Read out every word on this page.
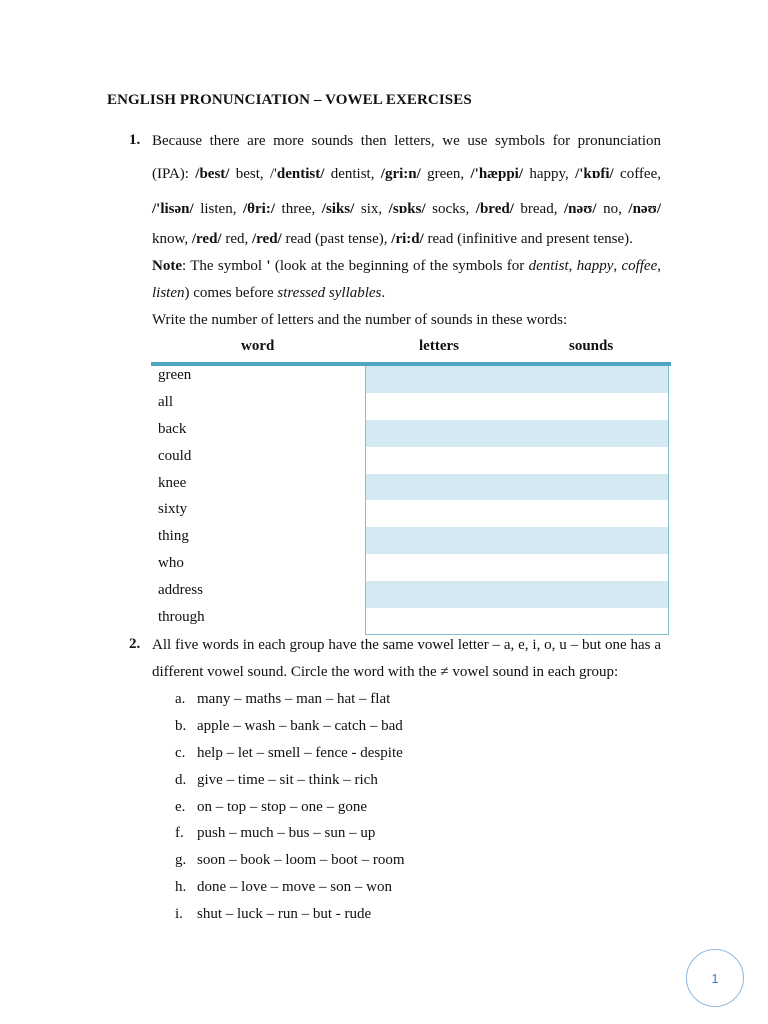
ENGLISH PRONUNCIATION – VOWEL EXERCISES
1. Because there are more sounds then letters, we use symbols for pronunciation
(IPA): /best/ best, /'dentist/ dentist, /gri:n/ green, /'hæppi/ happy, /'kɒfi/ coffee,
/'lisən/ listen, /θri:/ three, /siks/ six, /sɒks/ socks, /bred/ bread, /nəʊ/ no, /nəʊ/
know, /red/ red, /red/ read (past tense), /ri:d/ read (infinitive and present tense).
Note: The symbol ' (look at the beginning of the symbols for dentist, happy, coffee,
listen) comes before stressed syllables.
Write the number of letters and the number of sounds in these words:
word	letters	sounds
green
all
back
could
knee
sixty
thing
who
address
through
2. All five words in each group have the same vowel letter – a, e, i, o, u – but one has a
different vowel sound. Circle the word with the ≠ vowel sound in each group:
a. many – maths – man – hat – flat
b. apple – wash – bank – catch – bad
c. help – let – smell – fence - despite
d. give – time – sit – think – rich
e. on – top – stop – one – gone
f. push – much – bus – sun – up
g. soon – book – loom – boot – room
h. done – love – move – son – won
i. shut – luck – run – but - rude
1
